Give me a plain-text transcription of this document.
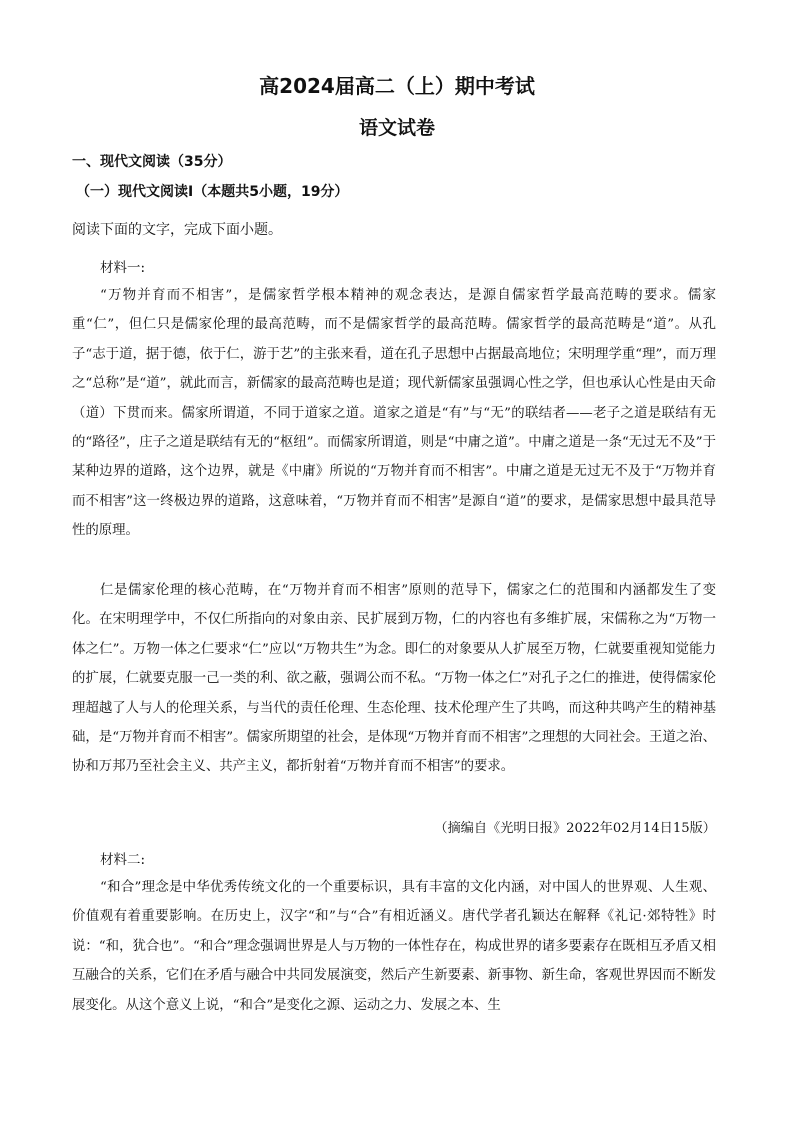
高2024届高二（上）期中考试
语文试卷
一、现代文阅读（35分）
（一）现代文阅读Ⅰ（本题共5小题，19分）
阅读下面的文字，完成下面小题。
材料一:

“万物并育而不相害”，是儒家哲学根本精神的观念表达，是源自儒家哲学最高范畴的要求。儒家重“仁”，但仁只是儒家伦理的最高范畴，而不是儒家哲学的最高范畴。儒家哲学的最高范畴是“道”。从孔子“志于道，据于德，依于仁，游于艺”的主张来看，道在孔子思想中占据最高地位；宋明理学重“理”，而万理之“总称”是“道”，就此而言，新儒家的最高范畴也是道；现代新儒家虽强调心性之学，但也承认心性是由天命（道）下贯而来。儒家所谓道，不同于道家之道。道家之道是“有”与“无”的联结者——老子之道是联结有无的“路径”，庄子之道是联结有无的“枢纽”。而儒家所谓道，则是“中庸之道”。中庸之道是一条“无过无不及”于某种边界的道路，这个边界，就是《中庸》所说的“万物并育而不相害”。中庸之道是无过无不及于“万物并育而不相害”这一终极边界的道路，这意味着，“万物并育而不相害”是源自“道”的要求，是儒家思想中最具范导性的原理。

仁是儒家伦理的核心范畴，在“万物并育而不相害”原则的范导下，儒家之仁的范围和内涵都发生了变化。在宋明理学中，不仅仁所指向的对象由亲、民扩展到万物，仁的内容也有多维扩展，宋儒称之为“万物一体之仁”。万物一体之仁要求“仁”应以“万物共生”为念。即仁的对象要从人扩展至万物，仁就要重视知觉能力的扩展，仁就要克服一己一类的利、欲之蔽，强调公而不私。“万物一体之仁”对孔子之仁的推进，使得儒家伦理超越了人与人的伦理关系，与当代的责任伦理、生态伦理、技术伦理产生了共鸣，而这种共鸣产生的精神基础，是“万物并育而不相害”。儒家所期望的社会，是体现“万物并育而不相害”之理想的大同社会。王道之治、协和万邦乃至社会主义、共产主义，都折射着“万物并育而不相害”的要求。

（摘编自《光明日报》2022年02月14日15版）
材料二:

“和合”理念是中华优秀传统文化的一个重要标识，具有丰富的文化内涵，对中国人的世界观、人生观、价值观有着重要影响。在历史上，汉字“和”与“合”有相近涵义。唐代学者孔颖达在解释《礼记·郊特牲》时说：“和，犹合也”。“和合”理念强调世界是人与万物的一体性存在，构成世界的诸多要素存在既相互矛盾又相互融合的关系，它们在矛盾与融合中共同发展演变，然后产生新要素、新事物、新生命，客观世界因而不断发展变化。从这个意义上说，“和合”是变化之源、运动之力、发展之本、生
